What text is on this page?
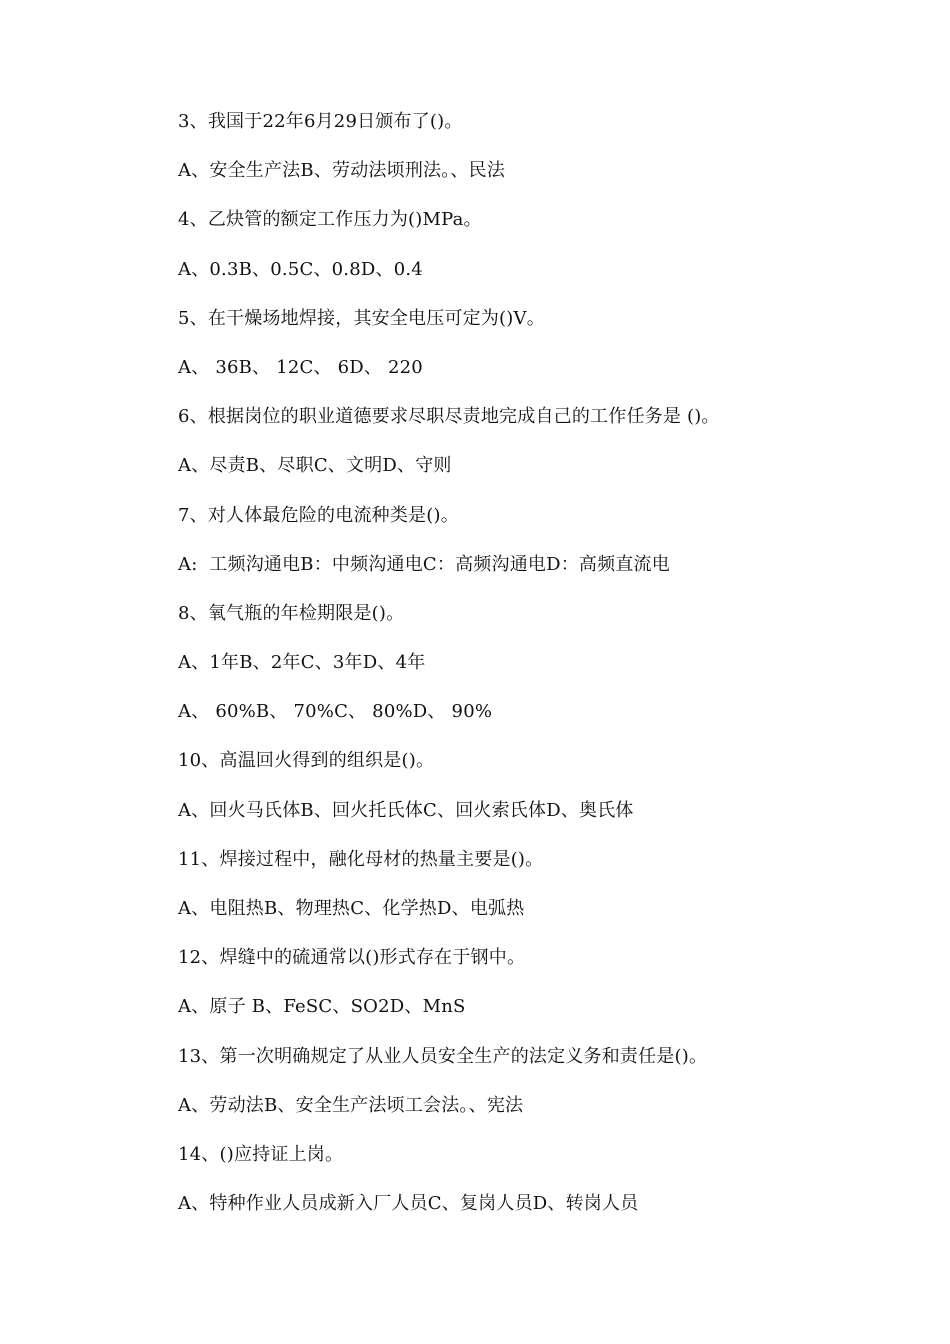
3、我国于22年6月29日颁布了()。
A、安全生产法B、劳动法顷刑法。、民法
4、乙炔管的额定工作压力为()MPa。
A、0.3B、0.5C、0.8D、0.4
5、在干燥场地焊接，其安全电压可定为()V。
A、 36B、 12C、 6D、 220
6、根据岗位的职业道德要求尽职尽责地完成自己的工作任务是 ()。
A、尽责B、尽职C、文明D、守则
7、对人体最危险的电流种类是()。
A:  工频沟通电B：中频沟通电C：高频沟通电D：高频直流电
8、氧气瓶的年检期限是()。
A、1年B、2年C、3年D、4年
A、 60%B、 70%C、 80%D、 90%
10、高温回火得到的组织是()。
A、回火马氏体B、回火托氏体C、回火索氏体D、奥氏体
11、焊接过程中，融化母材的热量主要是()。
A、电阻热B、物理热C、化学热D、电弧热
12、焊缝中的硫通常以()形式存在于钢中。
A、原子 B、FeSC、SO2D、MnS
13、第一次明确规定了从业人员安全生产的法定义务和责任是()。
A、劳动法B、安全生产法顷工会法。、宪法
14、()应持证上岗。
A、特种作业人员成新入厂人员C、复岗人员D、转岗人员
